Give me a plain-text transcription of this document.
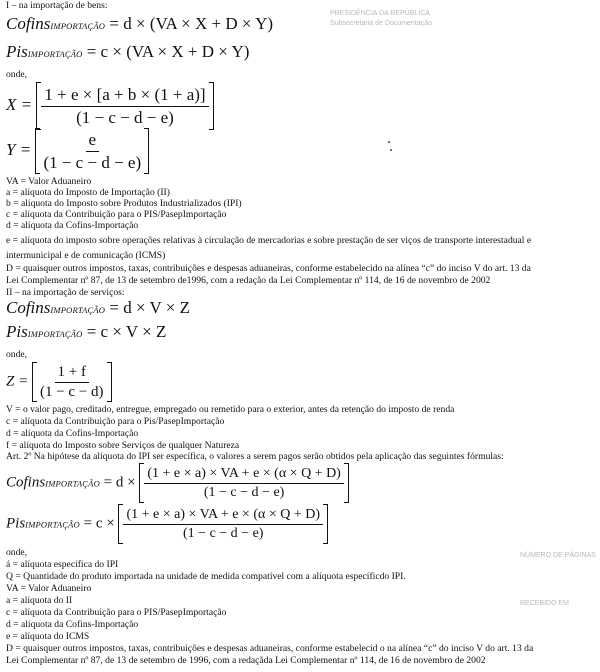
PRESIDÊNCIA DA REPÚBLICA
Subsecretaria de Documentação
NÚMERO DE PÁGINAS
RECEBIDO EM
I – na importação de bens:
CofinsIMPORTAÇÃO = d × (VA × X + D × Y)
PisIMPORTAÇÃO = c × (VA × X + D × Y)
onde,
$X = \frac{1 + e \times [a + b \times (1 + a)]}{(1 - c - d - e)}$
$Y = \frac{e}{(1 - c - d - e)}$
VA = Valor Aduaneiro
a = alíquota do Imposto de Importação (II)
b = alíquota do Imposto sobre Produtos Industrializados (IPI)
c = alíquota da Contribuição para o PIS/PasepImportação
d = alíquota da Cofins-Importação
e = alíquota do imposto sobre operações relativas à circulação de mercadorias e sobre prestação de ser viços de transporte interestadual e
intermunicipal e de comunicação (ICMS)
D = quaisquer outros impostos, taxas, contribuições e despesas aduaneiras, conforme estabelecido na alínea “c” do inciso V do art. 13 da
Lei Complementar nº 87, de 13 de setembro de1996, com a redação da Lei Complementar nº 114, de 16 de novembro de 2002
II – na importação de serviços:
CofinsIMPORTAÇÃO = d × V × Z
PisIMPORTAÇÃO = c × V × Z
onde,
$Z = \frac{1 + f}{(1 - c - d)}$
V = o valor pago, creditado, entregue, empregado ou remetido para o exterior, antes da retenção do imposto de renda
c = alíquota da Contribuição para o Pis/PasepImportação
d = alíquota da Cofins-Importação
f = alíquota do Imposto sobre Serviços de qualquer Natureza
Art. 2º Na hipótese da alíquota do IPI ser específica, o valores a serem pagos serão obtidos pela aplicação das seguintes fórmulas:
CofinsIMPORTAÇÃO = $d \times \frac{(1 + e \times a) \times VA + e \times (\alpha \times Q + D)}{(1 - c - d - e)}$
PisIMPORTAÇÃO = $c \times \frac{(1 + e \times a) \times VA + e \times (\alpha \times Q + D)}{(1 - c - d - e)}$
onde,
á = alíquota específica do IPI
Q = Quantidade do produto importada na unidade de medida compatível com a alíquota específicdo IPI.
VA = Valor Aduaneiro
a = alíquota do II
c = alíquota da Contribuição para o PIS/PasepImportação
d = alíquota da Cofins-Importação
e = alíquota do ICMS
D = quaisquer outros impostos, taxas, contribuições e despesas aduaneiras, conforme estabelecid o na alínea “c” do inciso V do art. 13 da
Lei Complementar nº 87, de 13 de setembro de 1996, com a redaçãda Lei Complementar nº 114, de 16 de novembro de 2002
